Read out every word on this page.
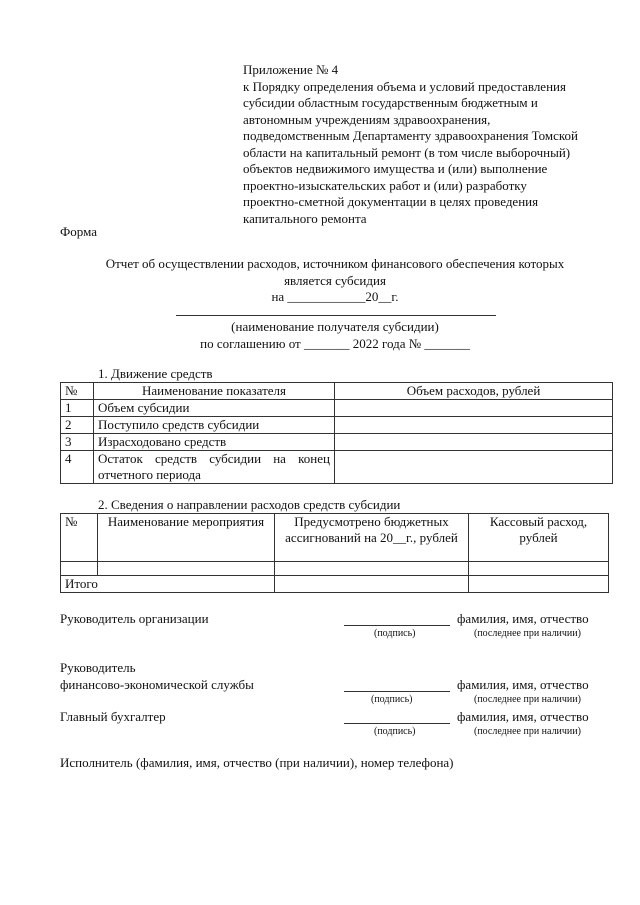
Приложение № 4
к Порядку определения объема и условий предоставления
субсидии областным государственным бюджетным и
автономным учреждениям здравоохранения,
подведомственным Департаменту здравоохранения Томской
области на капитальный ремонт (в том числе выборочный)
объектов недвижимого имущества и (или) выполнение
проектно-изыскательских работ и (или) разработку
проектно-сметной документации в целях проведения
капитального ремонта
Форма
Отчет об осуществлении расходов, источником финансового обеспечения которых
является субсидия
на ____________20__г.
(наименование получателя субсидии)
по соглашению от _______ 2022 года № _______
1. Движение средств
№	Наименование показателя	Объем расходов, рублей
1	Объем субсидии	
2	Поступило средств субсидии	
3	Израсходовано средств	
4	Остаток средств субсидии на конец отчетного периода	
2. Сведения о направлении расходов средств субсидии
№	Наименование мероприятия	Предусмотрено бюджетных ассигнований на 20__г., рублей	Кассовый расход, рублей

Итого			
Руководитель организации	фамилия, имя, отчество
(подпись)	(последнее при наличии)
Руководитель
финансово-экономической службы	фамилия, имя, отчество
(подпись)	(последнее при наличии)
Главный бухгалтер	фамилия, имя, отчество
(подпись)	(последнее при наличии)
Исполнитель (фамилия, имя, отчество (при наличии), номер телефона)
